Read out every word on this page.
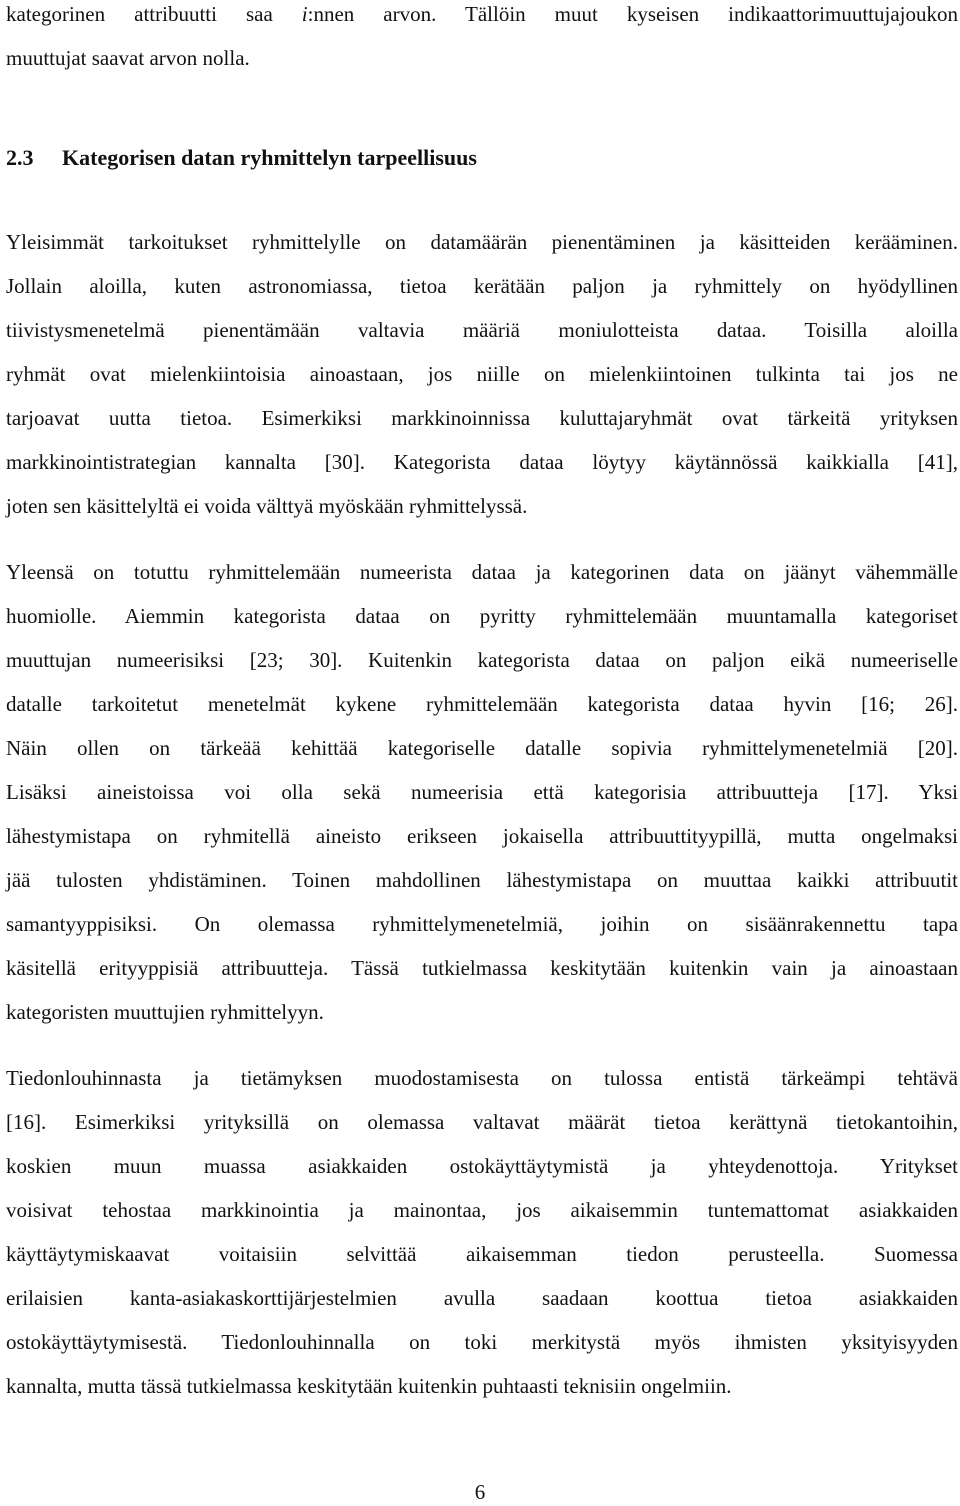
kategorinen attribuutti saa i:nnen arvon. Tällöin muut kyseisen indikaattorimuuttujajoukon
muuttujat saavat arvon nolla.
2.3 Kategorisen datan ryhmittelyn tarpeellisuus
Yleisimmät tarkoitukset ryhmittelylle on datamäärän pienentäminen ja käsitteiden kerääminen.
Jollain aloilla, kuten astronomiassa, tietoa kerätään paljon ja ryhmittely on hyödyllinen
tiivistysmenetelmä pienentämään valtavia määriä moniulotteista dataa. Toisilla aloilla
ryhmät ovat mielenkiintoisia ainoastaan, jos niille on mielenkiintoinen tulkinta tai jos ne
tarjoavat uutta tietoa. Esimerkiksi markkinoinnissa kuluttajaryhmät ovat tärkeitä yrityksen
markkinointistrategian kannalta [30]. Kategorista dataa löytyy käytännössä kaikkialla [41],
joten sen käsittelyltä ei voida välttyä myöskään ryhmittelyssä.
Yleensä on totuttu ryhmittelemään numeerista dataa ja kategorinen data on jäänyt vähemmälle
huomiolle. Aiemmin kategorista dataa on pyritty ryhmittelemään muuntamalla kategoriset
muuttujan numeerisiksi [23; 30]. Kuitenkin kategorista dataa on paljon eikä numeeriselle
datalle tarkoitetut menetelmät kykene ryhmittelemään kategorista dataa hyvin [16; 26].
Näin ollen on tärkeää kehittää kategoriselle datalle sopivia ryhmittelymenetelmiä [20].
Lisäksi aineistoissa voi olla sekä numeerisia että kategorisia attribuutteja [17]. Yksi
lähestymistapa on ryhmitellä aineisto erikseen jokaisella attribuuttityypillä, mutta ongelmaksi
jää tulosten yhdistäminen. Toinen mahdollinen lähestymistapa on muuttaa kaikki attribuutit
samantyyppisiksi. On olemassa ryhmittelymenetelmiä, joihin on sisäänrakennettu tapa
käsitellä erityyppisiä attribuutteja. Tässä tutkielmassa keskitytään kuitenkin vain ja ainoastaan
kategoristen muuttujien ryhmittelyyn.
Tiedonlouhinnasta ja tietämyksen muodostamisesta on tulossa entistä tärkeämpi tehtävä
[16]. Esimerkiksi yrityksillä on olemassa valtavat määrät tietoa kerättynä tietokantoihin,
koskien muun muassa asiakkaiden ostokäyttäytymistä ja yhteydenottoja. Yritykset
voisivat tehostaa markkinointia ja mainontaa, jos aikaisemmin tuntemattomat asiakkaiden
käyttäytymiskaavat voitaisiin selvittää aikaisemman tiedon perusteella. Suomessa
erilaisien kanta-asiakaskorttijärjestelmien avulla saadaan koottua tietoa asiakkaiden
ostokäyttäytymisestä. Tiedonlouhinnalla on toki merkitystä myös ihmisten yksityisyyden
kannalta, mutta tässä tutkielmassa keskitytään kuitenkin puhtaasti teknisiin ongelmiin.
6
